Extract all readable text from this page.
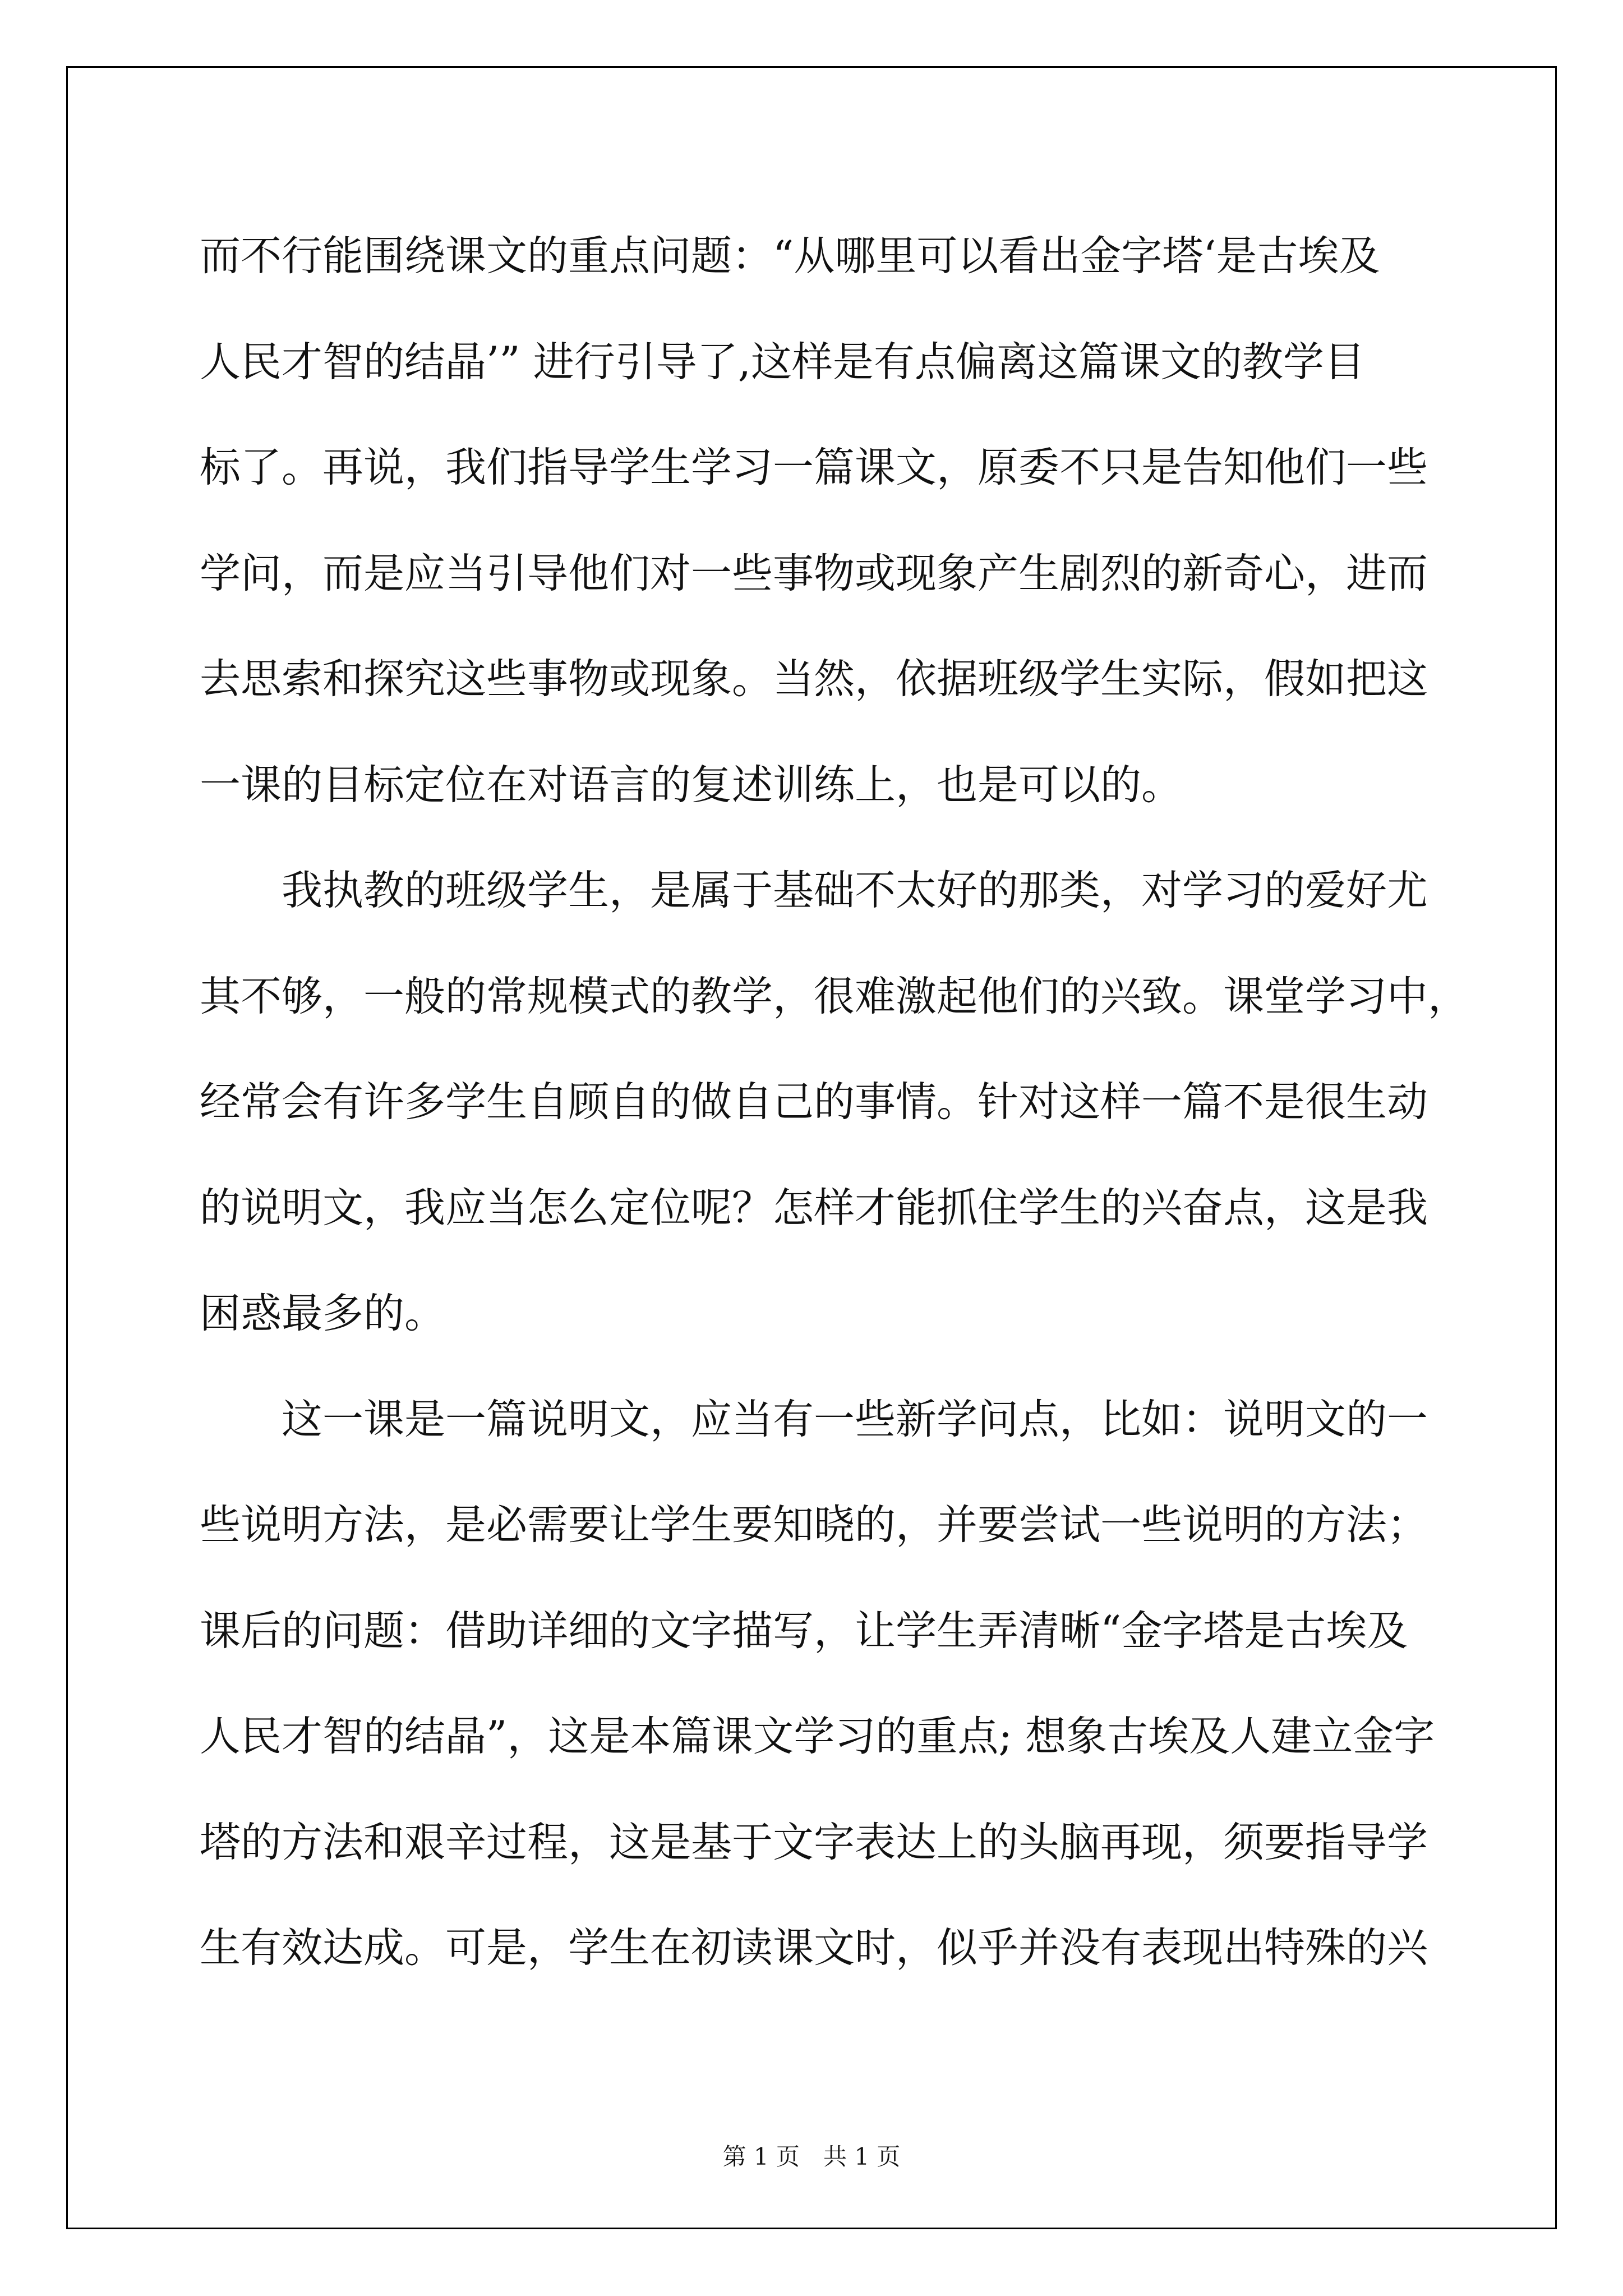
而不行能围绕课文的重点问题：“从哪里可以看出金字塔‘是古埃及
人民才智的结晶’” 进行引导了,这样是有点偏离这篇课文的教学目
标了。再说，我们指导学生学习一篇课文，原委不只是告知他们一些
学问，而是应当引导他们对一些事物或现象产生剧烈的新奇心，进而
去思索和探究这些事物或现象。当然，依据班级学生实际，假如把这
一课的目标定位在对语言的复述训练上，也是可以的。
　　我执教的班级学生，是属于基础不太好的那类，对学习的爱好尤
其不够，一般的常规模式的教学，很难激起他们的兴致。课堂学习中，
经常会有许多学生自顾自的做自己的事情。针对这样一篇不是很生动
的说明文，我应当怎么定位呢？怎样才能抓住学生的兴奋点，这是我
困惑最多的。
　　这一课是一篇说明文，应当有一些新学问点，比如：说明文的一
些说明方法，是必需要让学生要知晓的，并要尝试一些说明的方法；
课后的问题：借助详细的文字描写，让学生弄清晰“金字塔是古埃及
人民才智的结晶”，这是本篇课文学习的重点; 想象古埃及人建立金字
塔的方法和艰辛过程，这是基于文字表达上的头脑再现，须要指导学
生有效达成。可是，学生在初读课文时，似乎并没有表现出特殊的兴
第 1 页　共 1 页
